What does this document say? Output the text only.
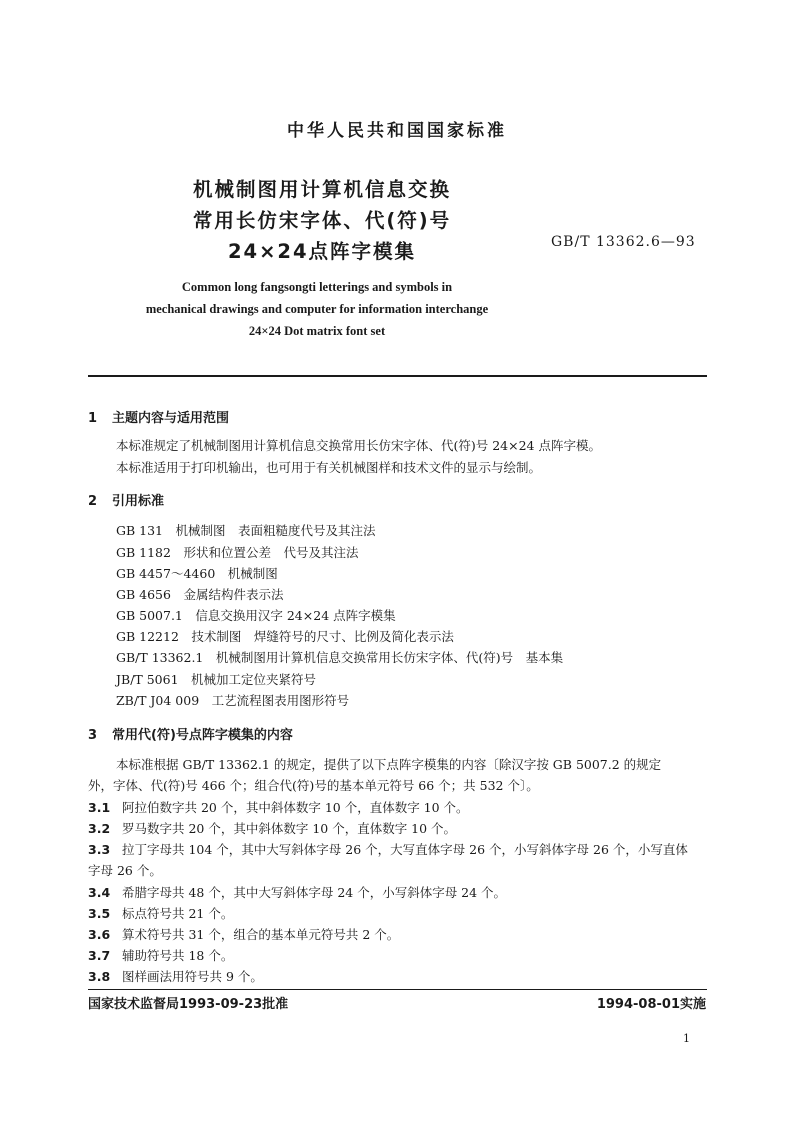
中华人民共和国国家标准
机械制图用计算机信息交换
常用长仿宋字体、代(符)号
24×24点阵字模集	GB/T 13362.6—93
Common long fangsongti letterings and symbols in
mechanical drawings and computer for information interchange
24×24 Dot matrix font set
1 主题内容与适用范围
本标准规定了机械制图用计算机信息交换常用长仿宋字体、代(符)号 24×24 点阵字模。
本标准适用于打印机输出，也可用于有关机械图样和技术文件的显示与绘制。
2 引用标准
GB 131　机械制图　表面粗糙度代号及其注法
GB 1182　形状和位置公差　代号及其注法
GB 4457～4460　机械制图
GB 4656　金属结构件表示法
GB 5007.1　信息交换用汉字 24×24 点阵字模集
GB 12212　技术制图　焊缝符号的尺寸、比例及简化表示法
GB/T 13362.1　机械制图用计算机信息交换常用长仿宋字体、代(符)号　基本集
JB/T 5061　机械加工定位夹紧符号
ZB/T J04 009　工艺流程图表用图形符号
3 常用代(符)号点阵字模集的内容
本标准根据 GB/T 13362.1 的规定，提供了以下点阵字模集的内容〔除汉字按 GB 5007.2 的规定
外，字体、代(符)号 466 个；组合代(符)号的基本单元符号 66 个；共 532 个〕。
3.1 阿拉伯数字共 20 个，其中斜体数字 10 个，直体数字 10 个。
3.2 罗马数字共 20 个，其中斜体数字 10 个，直体数字 10 个。
3.3 拉丁字母共 104 个，其中大写斜体字母 26 个，大写直体字母 26 个，小写斜体字母 26 个，小写直体
字母 26 个。
3.4 希腊字母共 48 个，其中大写斜体字母 24 个，小写斜体字母 24 个。
3.5 标点符号共 21 个。
3.6 算术符号共 31 个，组合的基本单元符号共 2 个。
3.7 辅助符号共 18 个。
3.8 图样画法用符号共 9 个。
国家技术监督局1993-09-23批准	1994-08-01实施
1
